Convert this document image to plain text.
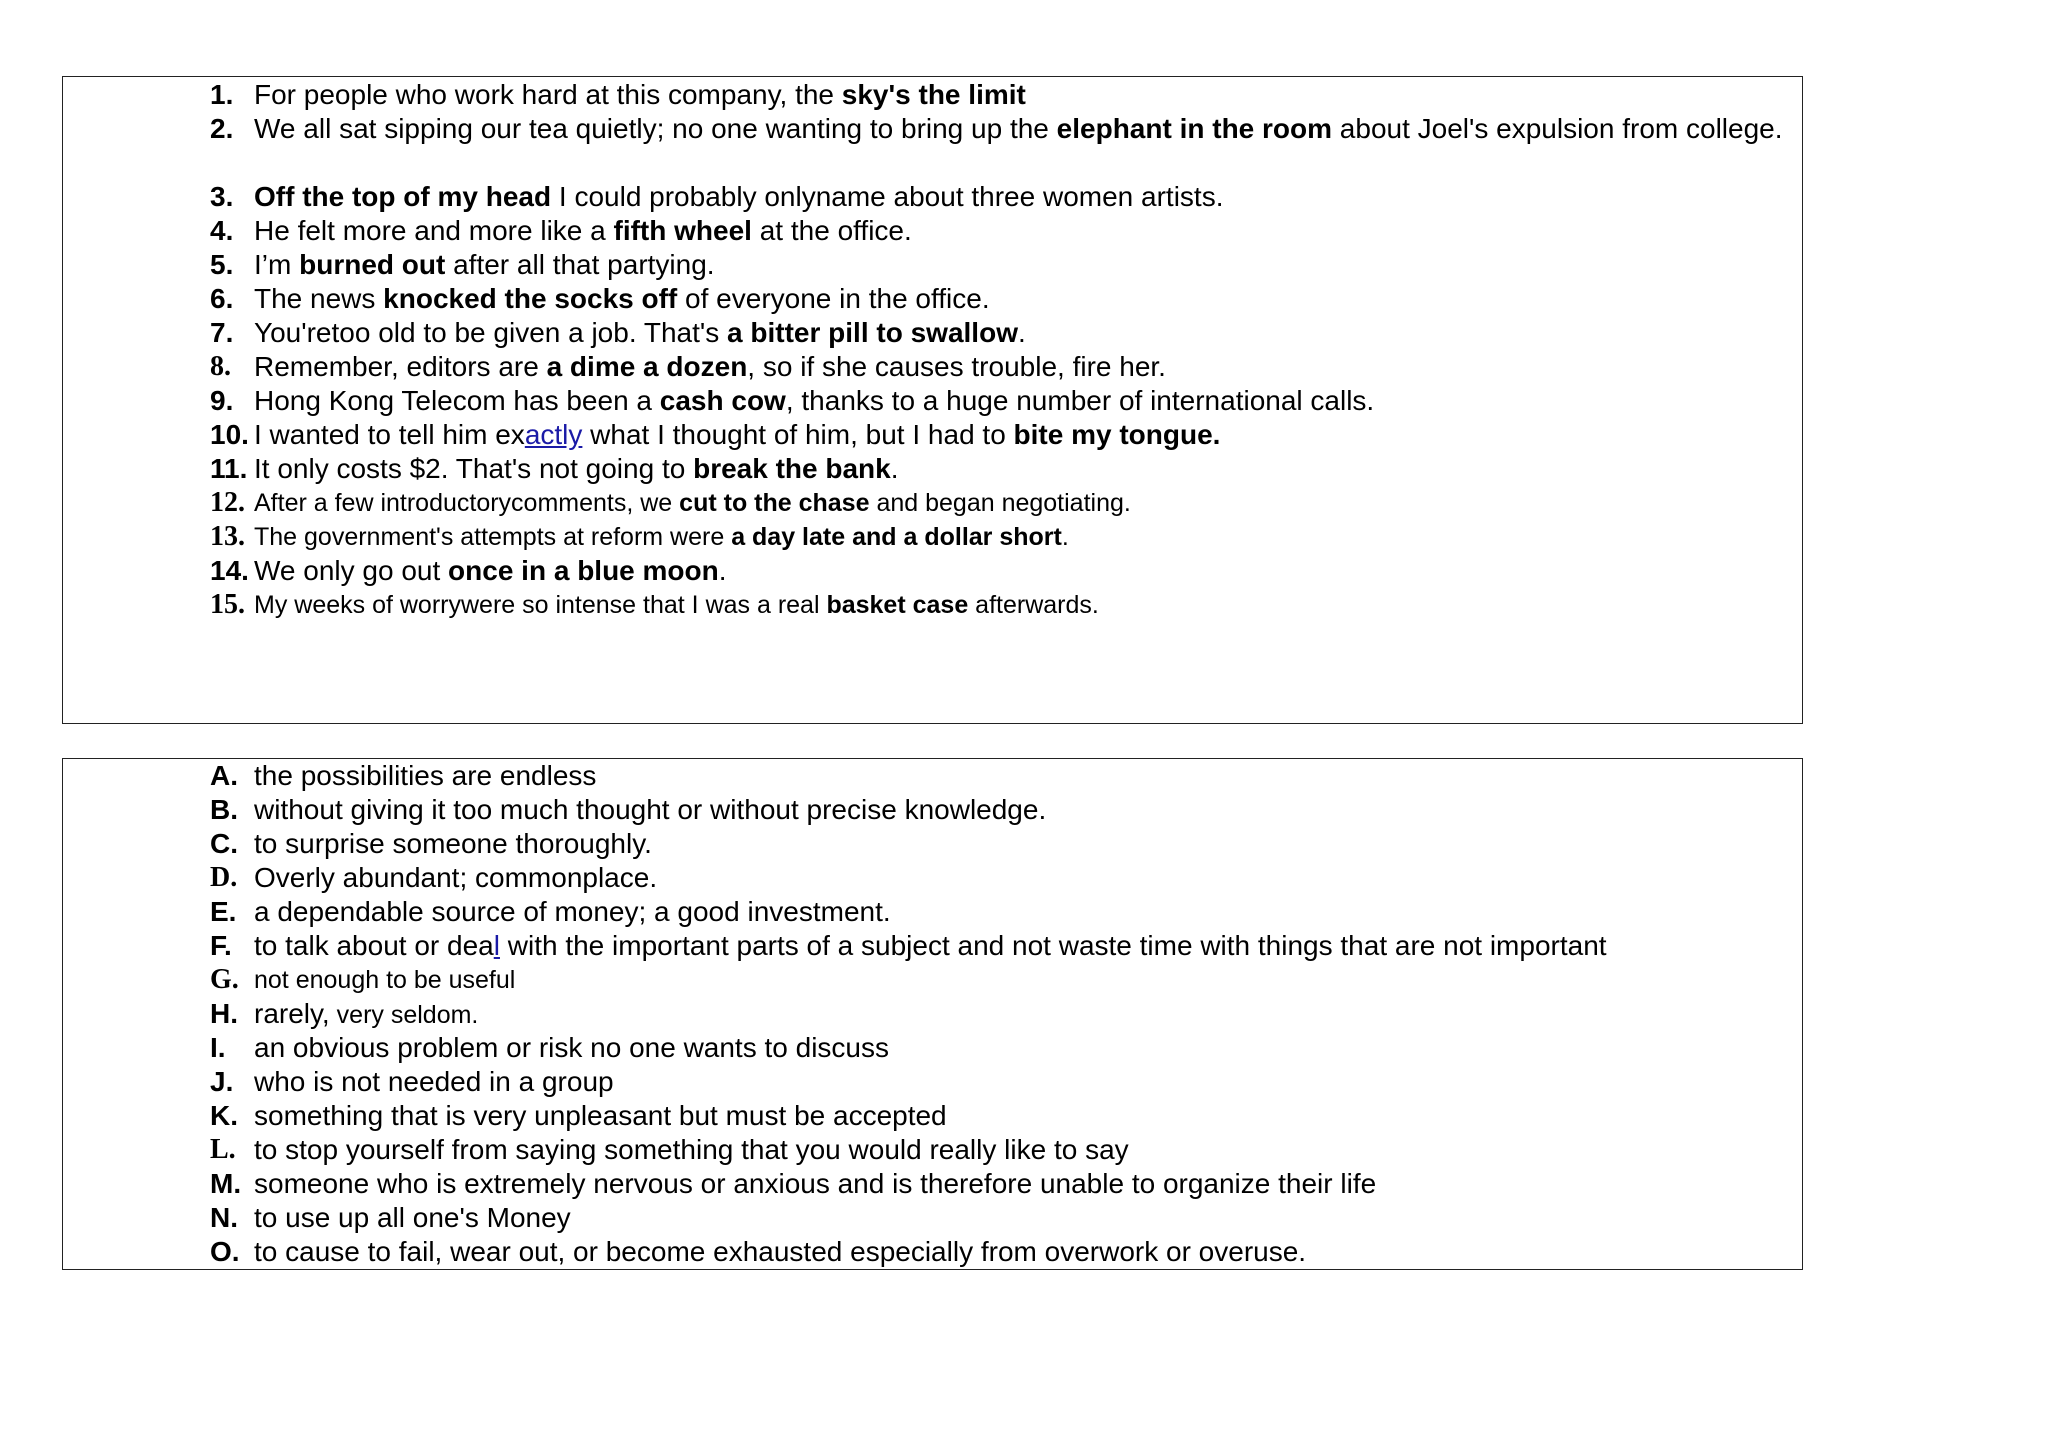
1. For people who work hard at this company, the sky's the limit
2. We all sat sipping our tea quietly; no one wanting to bring up the elephant in the room about Joel's expulsion from college.
3. Off the top of my head I could probably onlyname about three women artists.
4. He felt more and more like a fifth wheel at the office.
5. I’m burned out after all that partying.
6. The news knocked the socks off of everyone in the office.
7. You'retoo old to be given a job. That's a bitter pill to swallow.
8. Remember, editors are a dime a dozen, so if she causes trouble, fire her.
9. Hong Kong Telecom has been a cash cow, thanks to a huge number of international calls.
10. I wanted to tell him exactly what I thought of him, but I had to bite my tongue.
11. It only costs $2. That's not going to break the bank.
12. After a few introductorycomments, we cut to the chase and began negotiating.
13. The government's attempts at reform were a day late and a dollar short.
14. We only go out once in a blue moon.
15. My weeks of worrywere so intense that I was a real basket case afterwards.
A. the possibilities are endless
B. without giving it too much thought or without precise knowledge.
C. to surprise someone thoroughly.
D. Overly abundant; commonplace.
E. a dependable source of money; a good investment.
F. to talk about or deal with the important parts of a subject and not waste time with things that are not important
G. not enough to be useful
H. rarely, very seldom.
I. an obvious problem or risk no one wants to discuss
J. who is not needed in a group
K. something that is very unpleasant but must be accepted
L. to stop yourself from saying something that you would really like to say
M. someone who is extremely nervous or anxious and is therefore unable to organize their life
N. to use up all one's Money
O. to cause to fail, wear out, or become exhausted especially from overwork or overuse.
